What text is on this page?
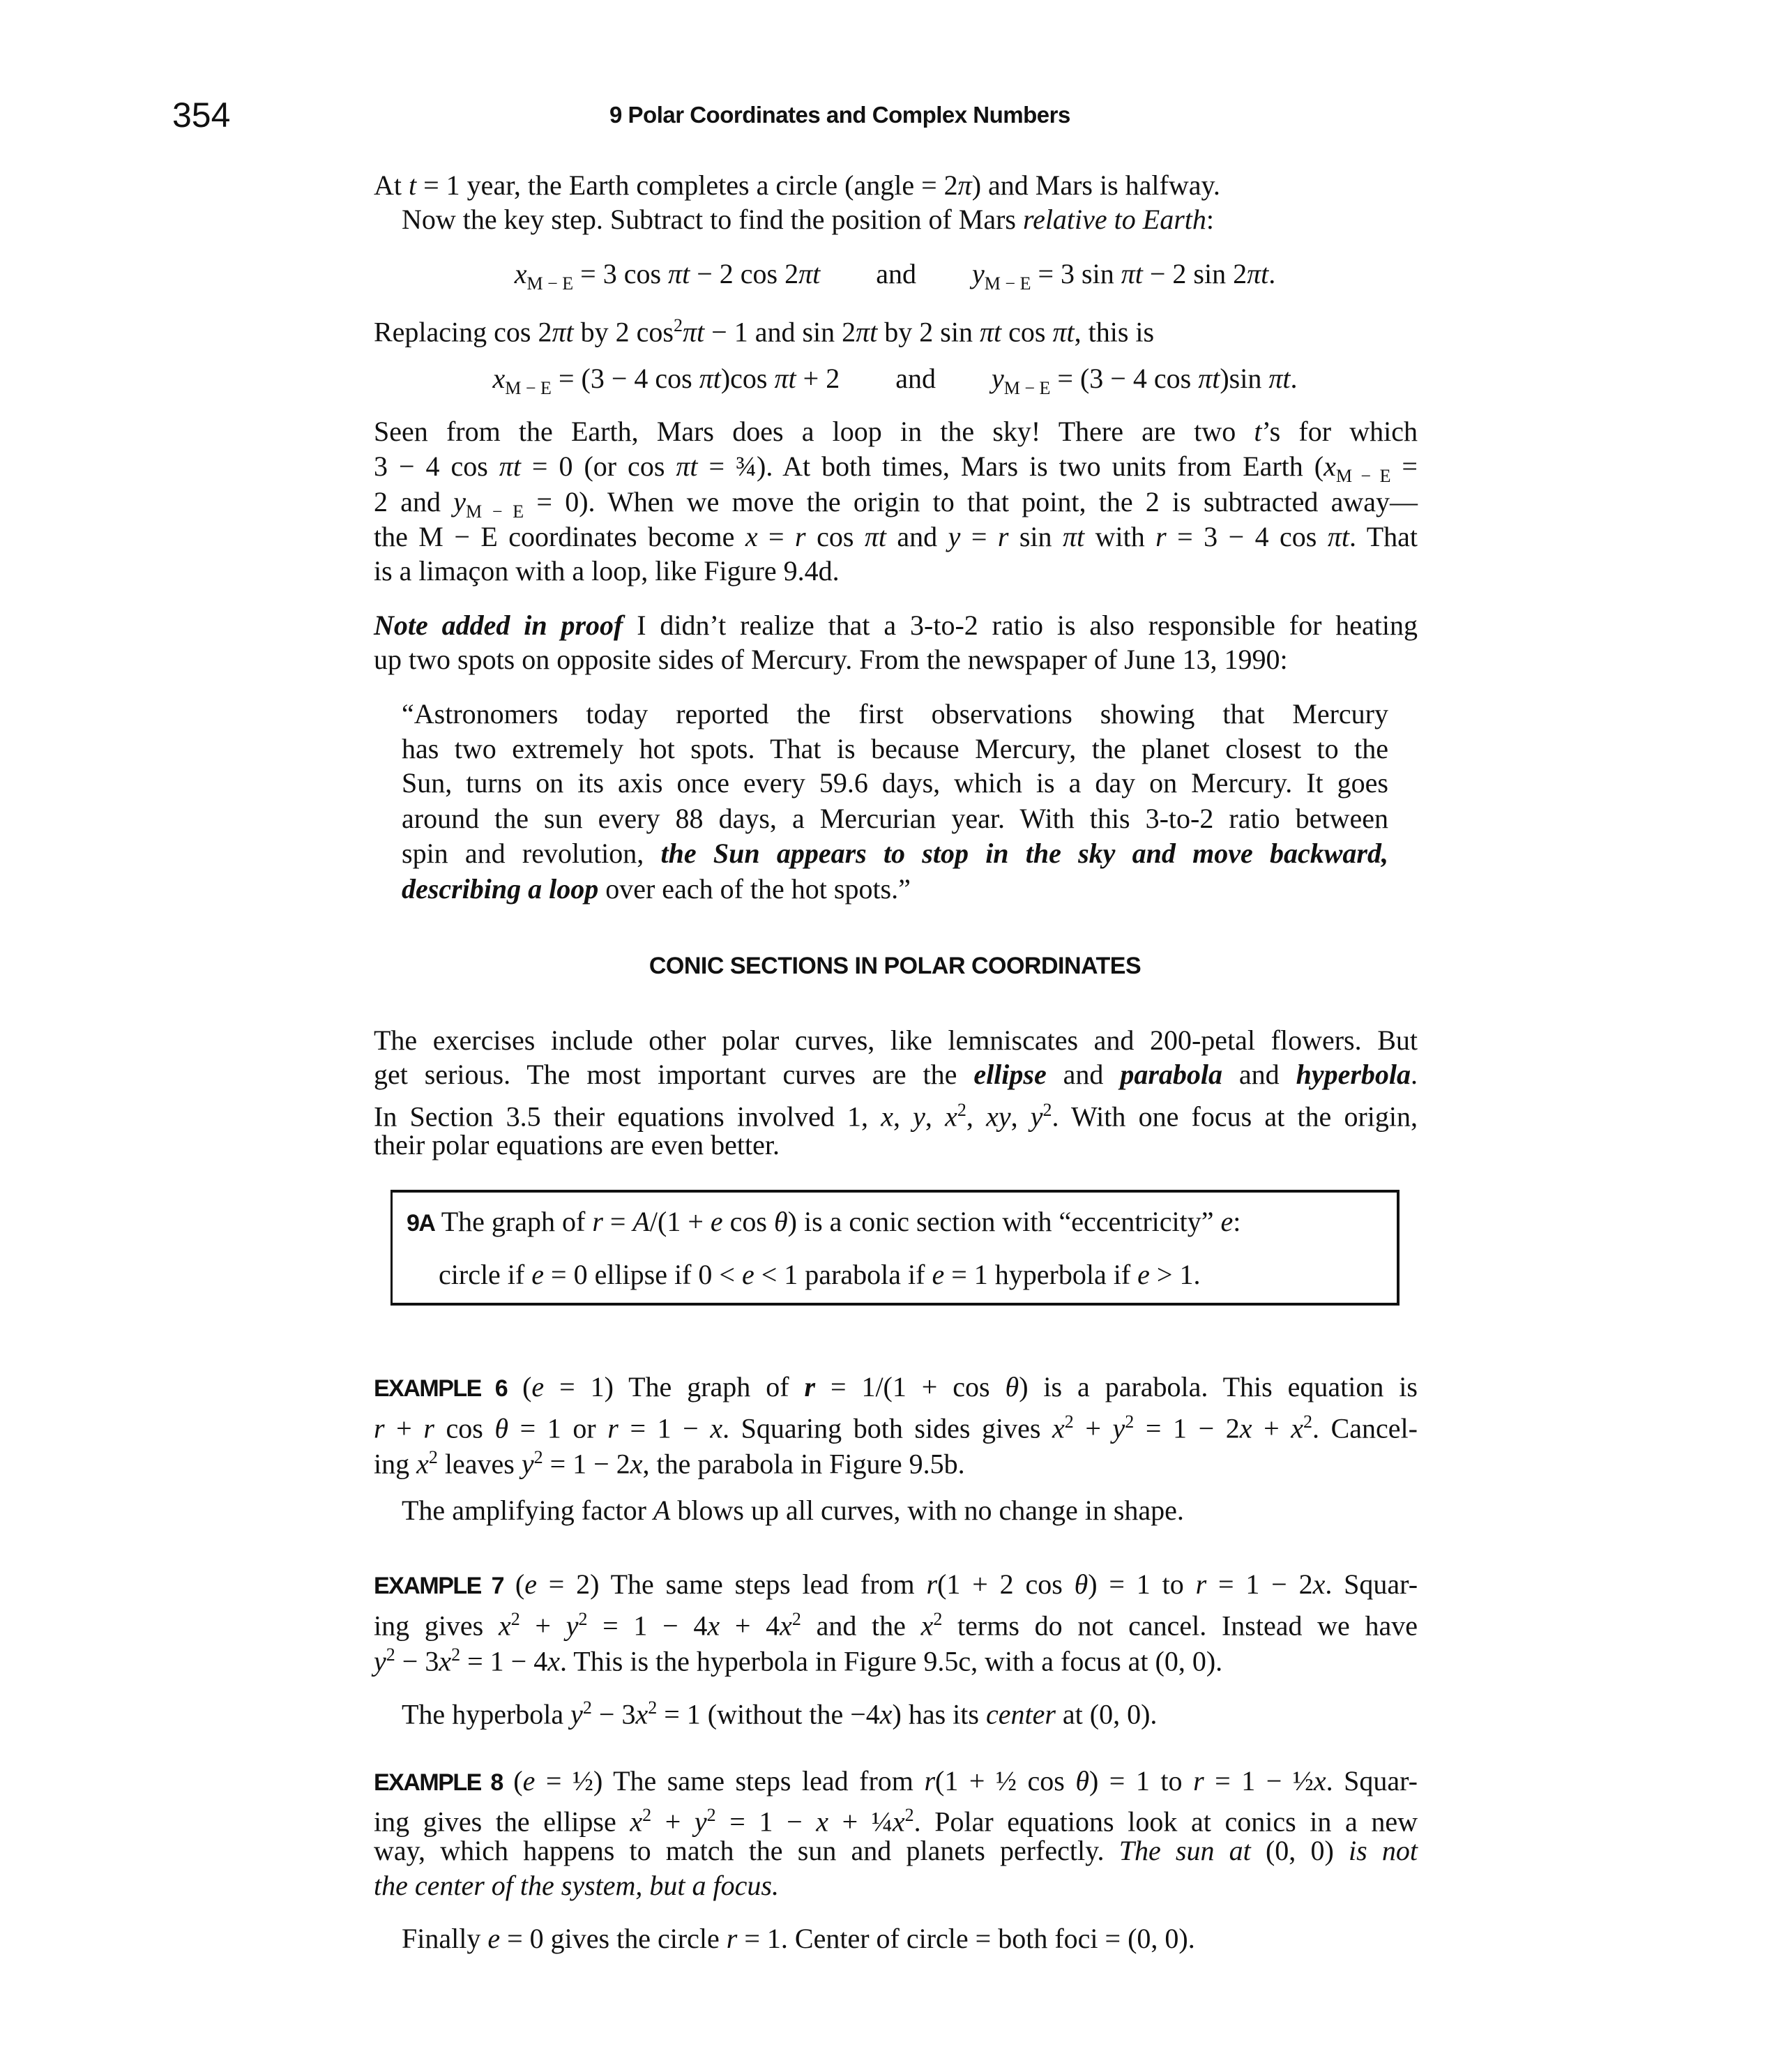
354	9 Polar Coordinates and Complex Numbers
At t = 1 year, the Earth completes a circle (angle = 2π) and Mars is halfway.
Now the key step. Subtract to find the position of Mars relative to Earth:
$x_{M - E} = 3$ cos πt − 2 cos 2πt        and        $y_{M - E} = 3$ sin πt − 2 sin 2πt.
Replacing cos 2πt by 2 $\cos^2\pi t - 1$ and sin 2πt by 2 sin πt cos πt, this is
$x_{M - E} = (3 - 4$ cos πt)cos πt + 2        and        $y_{M - E} = (3 - 4$ cos πt)sin πt.
Seen from the Earth, Mars does a loop in the sky! There are two t’s for which
3 − 4 cos πt = 0 (or cos πt = ¾). At both times, Mars is two units from Earth ($x_{M - E}$ =
2 and $y_{M - E} = 0$). When we move the origin to that point, the 2 is subtracted away—
the M − E coordinates become x = r cos πt and y = r sin πt with r = 3 − 4 cos πt. That
is a limaçon with a loop, like Figure 9.4d.
Note added in proof I didn’t realize that a 3-to-2 ratio is also responsible for heating
up two spots on opposite sides of Mercury. From the newspaper of June 13, 1990:
“Astronomers today reported the first observations showing that Mercury
has two extremely hot spots. That is because Mercury, the planet closest to the
Sun, turns on its axis once every 59.6 days, which is a day on Mercury. It goes
around the sun every 88 days, a Mercurian year. With this 3-to-2 ratio between
spin and revolution, the Sun appears to stop in the sky and move backward,
describing a loop over each of the hot spots.”
CONIC SECTIONS IN POLAR COORDINATES
The exercises include other polar curves, like lemniscates and 200-petal flowers. But
get serious. The most important curves are the ellipse and parabola and hyperbola.
In Section 3.5 their equations involved 1, x, y, $x^2$, xy, $y^2$. With one focus at the origin,
their polar equations are even better.
9A The graph of r = A/(1 + e cos θ) is a conic section with “eccentricity” e:
circle if e = 0 ellipse if 0 < e < 1 parabola if e = 1 hyperbola if e > 1.
EXAMPLE 6 (e = 1) The graph of r = 1/(1 + cos θ) is a parabola. This equation is
r + r cos θ = 1 or r = 1 − x. Squaring both sides gives $x^2 + y^2 = 1 - 2x + x^2$. Cancel-
ing $x^2$ leaves $y^2 = 1 - 2x$, the parabola in Figure 9.5b.
The amplifying factor A blows up all curves, with no change in shape.
EXAMPLE 7 (e = 2) The same steps lead from r(1 + 2 cos θ) = 1 to r = 1 − 2x. Squar-
ing gives $x^2 + y^2 = 1 - 4x + 4x^2$ and the $x^2$ terms do not cancel. Instead we have
$y^2 - 3x^2 = 1 - 4x$. This is the hyperbola in Figure 9.5c, with a focus at (0, 0).
The hyperbola $y^2 - 3x^2 = 1$ (without the −4x) has its center at (0, 0).
EXAMPLE 8 (e = ½) The same steps lead from r(1 + ½ cos θ) = 1 to r = 1 − ½x. Squar-
ing gives the ellipse $x^2 + y^2 = 1 - x$ + $\frac{1}{4}x^2$. Polar equations look at conics in a new
way, which happens to match the sun and planets perfectly. The sun at (0, 0) is not
the center of the system, but a focus.
Finally e = 0 gives the circle r = 1. Center of circle = both foci = (0, 0).
